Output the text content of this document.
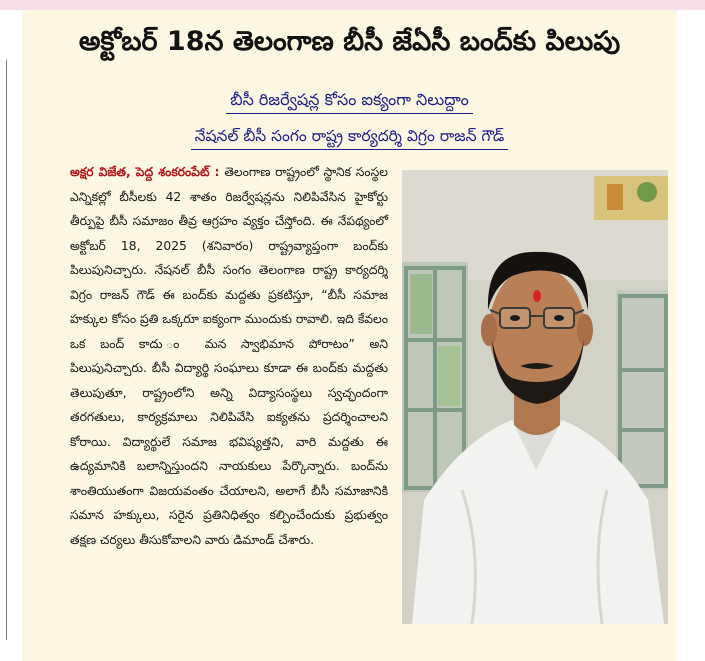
అక్టోబర్ 18న తెలంగాణ బీసీ జేఏసీ బంద్‌కు పిలుపు
బీసీ రిజర్వేషన్ల కోసం ఐక్యంగా నిలుద్దాం
నేషనల్ బీసీ సంగం రాష్ట్ర కార్యదర్శి విగ్రం రాజన్ గౌడ్

అక్షర విజేత, పెద్ద శంకరంపేట్ : తెలంగాణ రాష్ట్రంలో స్థానిక సంస్థల ఎన్నికల్లో బీసీలకు 42 శాతం రిజర్వేషన్లను నిలిపివేసిన హైకోర్టు తీర్పుపై బీసీ సమాజం తీవ్ర ఆగ్రహం వ్యక్తం చేస్తోంది. ఈ నేపథ్యంలో అక్టోబర్ 18, 2025 (శనివారం) రాష్ట్రవ్యాప్తంగా బంద్‌కు పిలుపునిచ్చారు. నేషనల్ బీసీ సంగం తెలంగాణ రాష్ట్ర కార్యదర్శి విగ్రం రాజన్ గౌడ్ ఈ బంద్‌కు మద్దతు ప్రకటిస్తూ, “బీసీ సమాజ హక్కుల కోసం ప్రతి ఒక్కరూ ఐక్యంగా ముందుకు రావాలి. ఇది కేవలం ఒక బంద్ కాదు ం మన స్వాభిమాన పోరాటం” అని పిలుపునిచ్చారు. బీసీ విద్యార్థి సంఘాలు కూడా ఈ బంద్‌కు మద్దతు తెలుపుతూ, రాష్ట్రంలోని అన్ని విద్యాసంస్థలు స్వచ్ఛందంగా తరగతులు, కార్యక్రమాలు నిలిపివేసి ఐక్యతను ప్రదర్శించాలని కోరాయి. విద్యార్థులే సమాజ భవిష్యత్తని, వారి మద్దతు ఈ ఉద్యమానికి బలాన్నిస్తుందని నాయకులు పేర్కొన్నారు. బంద్‌ను శాంతియుతంగా విజయవంతం చేయాలని, అలాగే బీసీ సమాజానికి సమాన హక్కులు, సరైన ప్రతినిధిత్వం కల్పించేందుకు ప్రభుత్వం తక్షణ చర్యలు తీసుకోవాలని వారు డిమాండ్ చేశారు.
